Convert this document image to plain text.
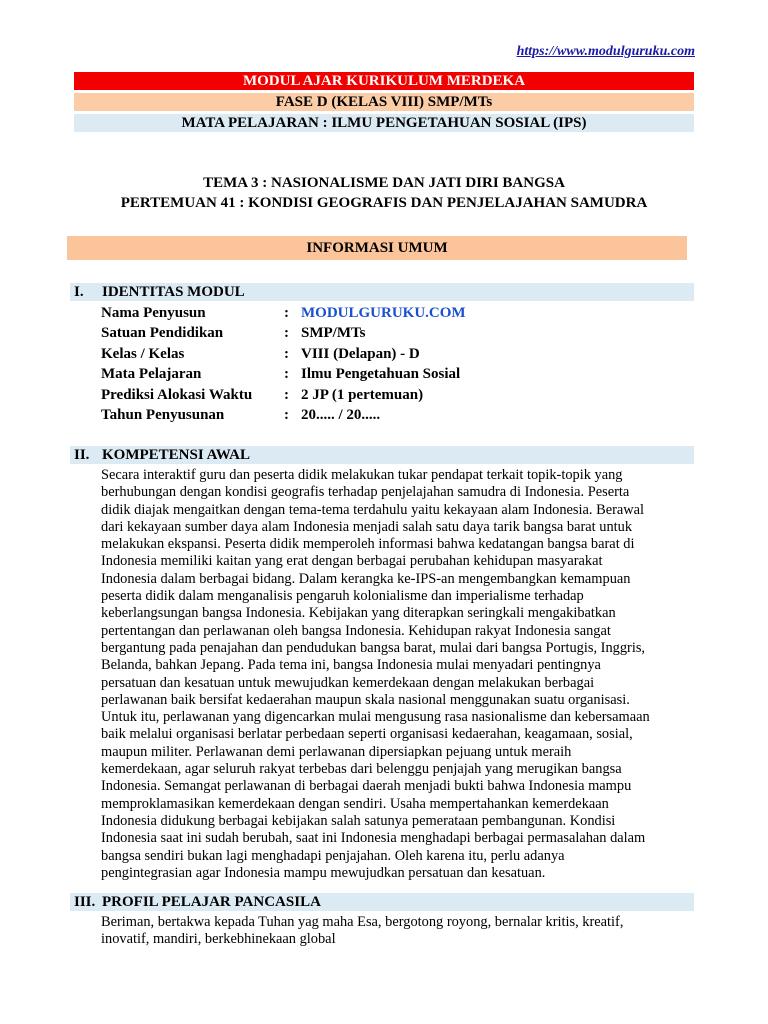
https://www.modulguruku.com
MODUL AJAR KURIKULUM MERDEKA
FASE D (KELAS VIII) SMP/MTs
MATA PELAJARAN : ILMU PENGETAHUAN SOSIAL (IPS)
TEMA 3 : NASIONALISME DAN JATI DIRI BANGSA
PERTEMUAN 41 : KONDISI GEOGRAFIS DAN PENJELAJAHAN SAMUDRA
INFORMASI UMUM
I. IDENTITAS MODUL
Nama Penyusun	: MODULGURUKU.COM
Satuan Pendidikan	: SMP/MTs
Kelas / Kelas	: VIII (Delapan) - D
Mata Pelajaran	: Ilmu Pengetahuan Sosial
Prediksi Alokasi Waktu	: 2 JP (1 pertemuan)
Tahun Penyusunan	: 20..... / 20.....
II. KOMPETENSI AWAL
Secara interaktif guru dan peserta didik melakukan tukar pendapat terkait topik-topik yang
berhubungan dengan kondisi geografis terhadap penjelajahan samudra di Indonesia. Peserta
didik diajak mengaitkan dengan tema-tema terdahulu yaitu kekayaan alam Indonesia. Berawal
dari kekayaan sumber daya alam Indonesia menjadi salah satu daya tarik bangsa barat untuk
melakukan ekspansi. Peserta didik memperoleh informasi bahwa kedatangan bangsa barat di
Indonesia memiliki kaitan yang erat dengan berbagai perubahan kehidupan masyarakat
Indonesia dalam berbagai bidang. Dalam kerangka ke-IPS-an mengembangkan kemampuan
peserta didik dalam menganalisis pengaruh kolonialisme dan imperialisme terhadap
keberlangsungan bangsa Indonesia. Kebijakan yang diterapkan seringkali mengakibatkan
pertentangan dan perlawanan oleh bangsa Indonesia. Kehidupan rakyat Indonesia sangat
bergantung pada penajahan dan pendudukan bangsa barat, mulai dari bangsa Portugis, Inggris,
Belanda, bahkan Jepang. Pada tema ini, bangsa Indonesia mulai menyadari pentingnya
persatuan dan kesatuan untuk mewujudkan kemerdekaan dengan melakukan berbagai
perlawanan baik bersifat kedaerahan maupun skala nasional menggunakan suatu organisasi.
Untuk itu, perlawanan yang digencarkan mulai mengusung rasa nasionalisme dan kebersamaan
baik melalui organisasi berlatar perbedaan seperti organisasi kedaerahan, keagamaan, sosial,
maupun militer. Perlawanan demi perlawanan dipersiapkan pejuang untuk meraih
kemerdekaan, agar seluruh rakyat terbebas dari belenggu penjajah yang merugikan bangsa
Indonesia. Semangat perlawanan di berbagai daerah menjadi bukti bahwa Indonesia mampu
memproklamasikan kemerdekaan dengan sendiri. Usaha mempertahankan kemerdekaan
Indonesia didukung berbagai kebijakan salah satunya pemerataan pembangunan. Kondisi
Indonesia saat ini sudah berubah, saat ini Indonesia menghadapi berbagai permasalahan dalam
bangsa sendiri bukan lagi menghadapi penjajahan. Oleh karena itu, perlu adanya
pengintegrasian agar Indonesia mampu mewujudkan persatuan dan kesatuan.
III. PROFIL PELAJAR PANCASILA
Beriman, bertakwa kepada Tuhan yag maha Esa, bergotong royong, bernalar kritis, kreatif,
inovatif, mandiri, berkebhinekaan global
